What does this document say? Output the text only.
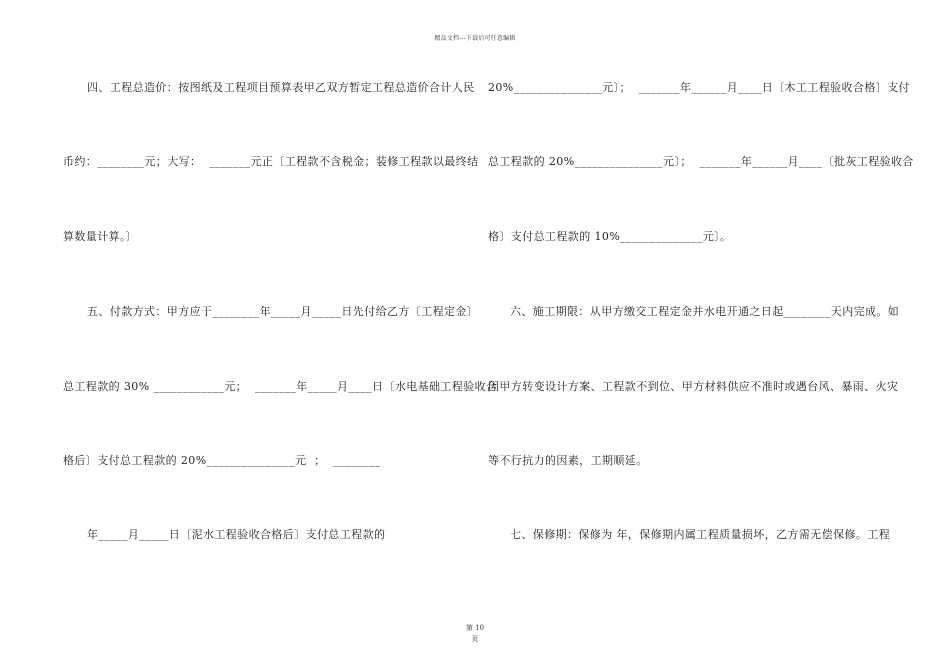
精品文档---下载后可任意编辑
四、工程总造价：按图纸及工程项目预算表甲乙双方暂定工程总造价合计人民
币约：________元；大写：  _______元正〔工程款不含税金；装修工程款以最终结
算数量计算。〕
五、付款方式：甲方应于________年_____月_____日先付给乙方〔工程定金〕
总工程款的 30% ____________元；  _______年_____月____日〔水电基础工程验收合
格后〕支付总工程款的 20%_______________元  ；  ________
年_____月_____日〔泥水工程验收合格后〕支付总工程款的
20%_______________元〕；  _______年______月____日〔木工工程验收合格〕支付
总工程款的 20%_______________元〕；  _______年______月____〔批灰工程验收合
格〕支付总工程款的 10%______________元〕。
六、施工期限：从甲方缴交工程定金并水电开通之日起________天内完成。如
因甲方转变设计方案、工程款不到位、甲方材料供应不准时或遇台风、暴雨、火灾
等不行抗力的因素，工期顺延。
七、保修期：保修为 年，保修期内属工程质量损坏，乙方需无偿保修。工程
第 10
页
